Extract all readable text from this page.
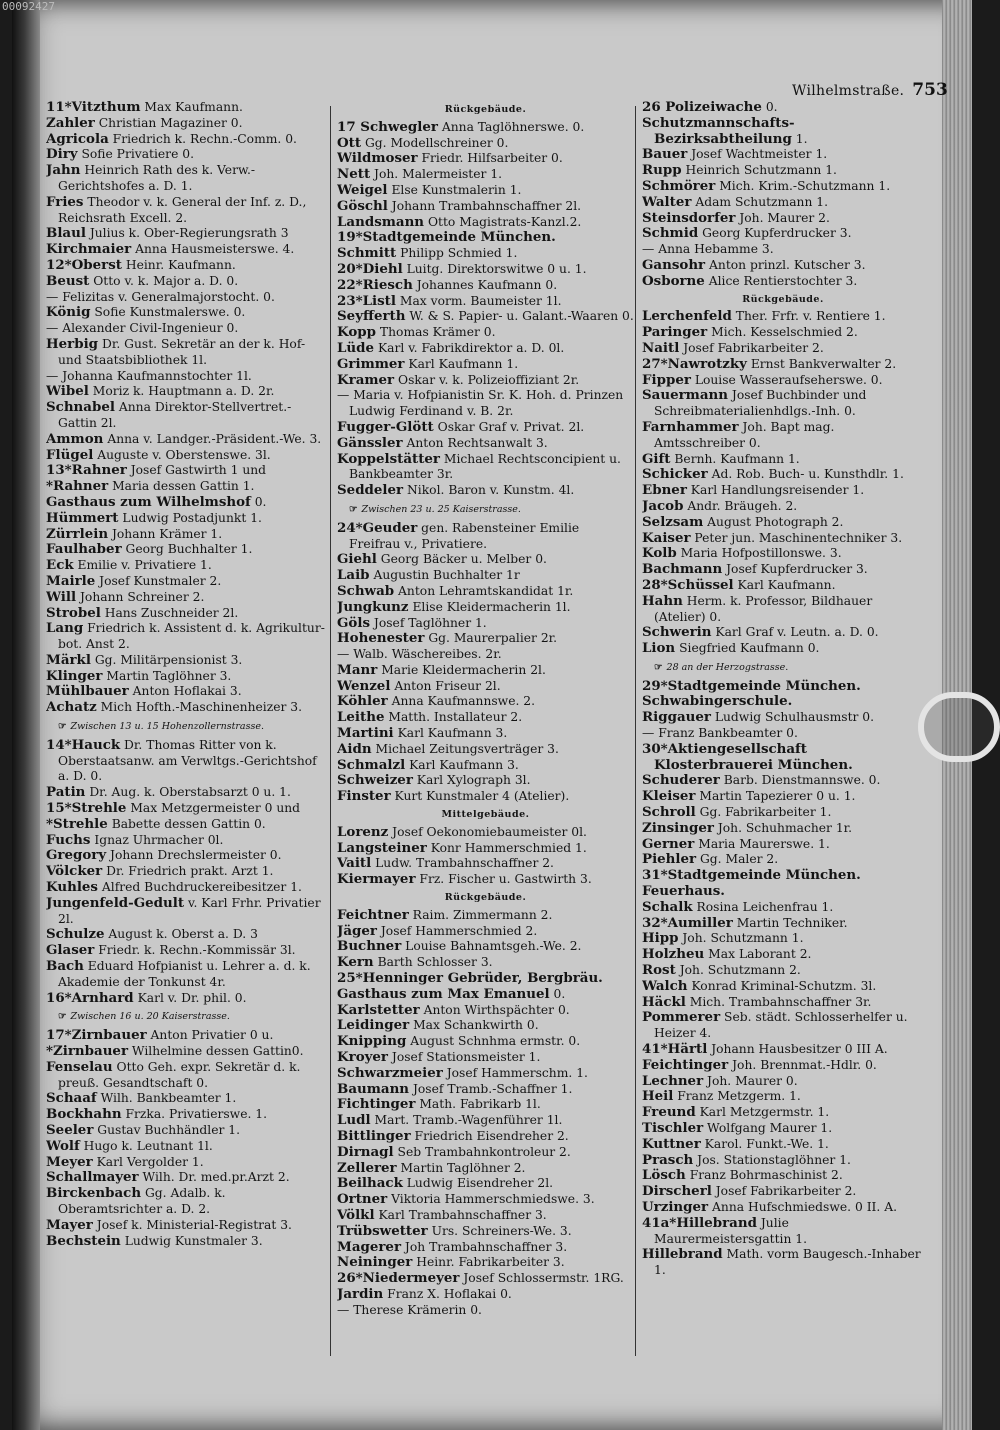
Wilhelmstraße. 753

11*Vitzthum Max Kaufmann.

Zahler Christian Magaziner 0.

Agricola Friedrich k. Rechn.-Comm. 0.

Diry Sofie Privatiere 0.

Jahn Heinrich Rath des k. Verw.-Gerichtshofes a. D. 1.

Fries Theodor v. k. General der Inf. z. D., Reichsrath Excell. 2.

Blaul Julius k. Ober-Regierungsrath 3

Kirchmaier Anna Hausmeisterswe. 4.

12*Oberst Heinr. Kaufmann.

Beust Otto v. k. Major a. D. 0.

— Felizitas v. Generalmajorstocht. 0.

König Sofie Kunstmalerswe. 0.

— Alexander Civil-Ingenieur 0.

Herbig Dr. Gust. Sekretär an der k. Hof- und Staatsbibliothek 1l.

— Johanna Kaufmannstochter 1l.

Wibel Moriz k. Hauptmann a. D. 2r.

Schnabel Anna Direktor-Stellvertret.-Gattin 2l.

Ammon Anna v. Landger.-Präsident.-We. 3.

Flügel Auguste v. Oberstenswe. 3l.

13*Rahner Josef Gastwirth 1 und

*Rahner Maria dessen Gattin 1.

Gasthaus zum Wilhelmshof 0.

Hümmert Ludwig Postadjunkt 1.

Zürrlein Johann Krämer 1.

Faulhaber Georg Buchhalter 1.

Eck Emilie v. Privatiere 1.

Mairle Josef Kunstmaler 2.

Will Johann Schreiner 2.

Strobel Hans Zuschneider 2l.

Lang Friedrich k. Assistent d. k. Agrikultur-bot. Anst 2.

Märkl Gg. Militärpensionist 3.

Klinger Martin Taglöhner 3.

Mühlbauer Anton Hoflakai 3.

Achatz Mich Hofth.-Maschinenheizer 3.

☞ Zwischen 13 u. 15 Hohenzollernstrasse.

14*Hauck Dr. Thomas Ritter von k. Oberstaatsanw. am Verwltgs.-Gerichtshof a. D. 0.

Patin Dr. Aug. k. Oberstabsarzt 0 u. 1.

15*Strehle Max Metzgermeister 0 und

*Strehle Babette dessen Gattin 0.

Fuchs Ignaz Uhrmacher 0l.

Gregory Johann Drechslermeister 0.

Völcker Dr. Friedrich prakt. Arzt 1.

Kuhles Alfred Buchdruckereibesitzer 1.

Jungenfeld-Gedult v. Karl Frhr. Privatier 2l.

Schulze August k. Oberst a. D. 3

Glaser Friedr. k. Rechn.-Kommissär 3l.

Bach Eduard Hofpianist u. Lehrer a. d. k. Akademie der Tonkunst 4r.

16*Arnhard Karl v. Dr. phil. 0.

☞ Zwischen 16 u. 20 Kaiserstrasse.

17*Zirnbauer Anton Privatier 0 u.

*Zirnbauer Wilhelmine dessen Gattin0.

Fenselau Otto Geh. expr. Sekretär d. k. preuß. Gesandtschaft 0.

Schaaf Wilh. Bankbeamter 1.

Bockhahn Frzka. Privatierswe. 1.

Seeler Gustav Buchhändler 1.

Wolf Hugo k. Leutnant 1l.

Meyer Karl Vergolder 1.

Schallmayer Wilh. Dr. med.pr.Arzt 2.

Birckenbach Gg. Adalb. k. Oberamtsrichter a. D. 2.

Mayer Josef k. Ministerial-Registrat 3.

Bechstein Ludwig Kunstmaler 3.

Rückgebäude.

17 Schwegler Anna Taglöhnerswe. 0.

Ott Gg. Modellschreiner 0.

Wildmoser Friedr. Hilfsarbeiter 0.

Nett Joh. Malermeister 1.

Weigel Else Kunstmalerin 1.

Göschl Johann Trambahnschaffner 2l.

Landsmann Otto Magistrats-Kanzl.2.

19*Stadtgemeinde München.

Schmitt Philipp Schmied 1.

20*Diehl Luitg. Direktorswitwe 0 u. 1.

22*Riesch Johannes Kaufmann 0.

23*Listl Max vorm. Baumeister 1l.

Seyfferth W. & S. Papier- u. Galant.-Waaren 0.

Kopp Thomas Krämer 0.

Lüde Karl v. Fabrikdirektor a. D. 0l.

Grimmer Karl Kaufmann 1.

Kramer Oskar v. k. Polizeioffiziant 2r.

— Maria v. Hofpianistin Sr. K. Hoh. d. Prinzen Ludwig Ferdinand v. B. 2r.

Fugger-Glött Oskar Graf v. Privat. 2l.

Gänssler Anton Rechtsanwalt 3.

Koppelstätter Michael Rechtsconcipient u. Bankbeamter 3r.

Seddeler Nikol. Baron v. Kunstm. 4l.

☞ Zwischen 23 u. 25 Kaiserstrasse.

24*Geuder gen. Rabensteiner Emilie Freifrau v., Privatiere.

Giehl Georg Bäcker u. Melber 0.

Laib Augustin Buchhalter 1r

Schwab Anton Lehramtskandidat 1r.

Jungkunz Elise Kleidermacherin 1l.

Göls Josef Taglöhner 1.

Hohenester Gg. Maurerpalier 2r.

— Walb. Wäschereibes. 2r.

Manr Marie Kleidermacherin 2l.

Wenzel Anton Friseur 2l.

Köhler Anna Kaufmannswe. 2.

Leithe Matth. Installateur 2.

Martini Karl Kaufmann 3.

Aidn Michael Zeitungsverträger 3.

Schmalzl Karl Kaufmann 3.

Schweizer Karl Xylograph 3l.

Finster Kurt Kunstmaler 4 (Atelier).

Mittelgebäude.

Lorenz Josef Oekonomiebaumeister 0l.

Langsteiner Konr Hammerschmied 1.

Vaitl Ludw. Trambahnschaffner 2.

Kiermayer Frz. Fischer u. Gastwirth 3.

Rückgebäude.

Feichtner Raim. Zimmermann 2.

Jäger Josef Hammerschmied 2.

Buchner Louise Bahnamtsgeh.-We. 2.

Kern Barth Schlosser 3.

25*Henninger Gebrüder, Bergbräu.

Gasthaus zum Max Emanuel 0.

Karlstetter Anton Wirthspächter 0.

Leidinger Max Schankwirth 0.

Knipping August Schnhma ermstr. 0.

Kroyer Josef Stationsmeister 1.

Schwarzmeier Josef Hammerschm. 1.

Baumann Josef Tramb.-Schaffner 1.

Fichtinger Math. Fabrikarb 1l.

Ludl Mart. Tramb.-Wagenführer 1l.

Bittlinger Friedrich Eisendreher 2.

Dirnagl Seb Trambahnkontroleur 2.

Zellerer Martin Taglöhner 2.

Beilhack Ludwig Eisendreher 2l.

Ortner Viktoria Hammerschmiedswe. 3.

Völkl Karl Trambahnschaffner 3.

Trübswetter Urs. Schreiners-We. 3.

Magerer Joh Trambahnschaffner 3.

Neininger Heinr. Fabrikarbeiter 3.

26*Niedermeyer Josef Schlossermstr. 1RG.

Jardin Franz X. Hoflakai 0.

— Therese Krämerin 0.

26 Polizeiwache 0.

Schutzmannschafts-Bezirksabtheilung 1.

Bauer Josef Wachtmeister 1.

Rupp Heinrich Schutzmann 1.

Schmörer Mich. Krim.-Schutzmann 1.

Walter Adam Schutzmann 1.

Steinsdorfer Joh. Maurer 2.

Schmid Georg Kupferdrucker 3.

— Anna Hebamme 3.

Gansohr Anton prinzl. Kutscher 3.

Osborne Alice Rentierstochter 3.

Rückgebäude.

Lerchenfeld Ther. Frfr. v. Rentiere 1.

Paringer Mich. Kesselschmied 2.

Naitl Josef Fabrikarbeiter 2.

27*Nawrotzky Ernst Bankverwalter 2.

Fipper Louise Wasseraufseherswe. 0.

Sauermann Josef Buchbinder und Schreibmaterialienhdlgs.-Inh. 0.

Farnhammer Joh. Bapt mag. Amtsschreiber 0.

Gift Bernh. Kaufmann 1.

Schicker Ad. Rob. Buch- u. Kunsthdlr. 1.

Ebner Karl Handlungsreisender 1.

Jacob Andr. Bräugeh. 2.

Selzsam August Photograph 2.

Kaiser Peter jun. Maschinentechniker 3.

Kolb Maria Hofpostillonswe. 3.

Bachmann Josef Kupferdrucker 3.

28*Schüssel Karl Kaufmann.

Hahn Herm. k. Professor, Bildhauer (Atelier) 0.

Schwerin Karl Graf v. Leutn. a. D. 0.

Lion Siegfried Kaufmann 0.

☞ 28 an der Herzogstrasse.

29*Stadtgemeinde München.

Schwabingerschule.

Riggauer Ludwig Schulhausmstr 0.

— Franz Bankbeamter 0.

30*Aktiengesellschaft Klosterbrauerei München.

Schuderer Barb. Dienstmannswe. 0.

Kleiser Martin Tapezierer 0 u. 1.

Schroll Gg. Fabrikarbeiter 1.

Zinsinger Joh. Schuhmacher 1r.

Gerner Maria Maurerswe. 1.

Piehler Gg. Maler 2.

31*Stadtgemeinde München.

Feuerhaus.

Schalk Rosina Leichenfrau 1.

32*Aumiller Martin Techniker.

Hipp Joh. Schutzmann 1.

Holzheu Max Laborant 2.

Rost Joh. Schutzmann 2.

Walch Konrad Kriminal-Schutzm. 3l.

Häckl Mich. Trambahnschaffner 3r.

Pommerer Seb. städt. Schlosserhelfer u. Heizer 4.

41*Härtl Johann Hausbesitzer 0 III A.

Feichtinger Joh. Brennmat.-Hdlr. 0.

Lechner Joh. Maurer 0.

Heil Franz Metzgerm. 1.

Freund Karl Metzgermstr. 1.

Tischler Wolfgang Maurer 1.

Kuttner Karol. Funkt.-We. 1.

Prasch Jos. Stationstaglöhner 1.

Lösch Franz Bohrmaschinist 2.

Dirscherl Josef Fabrikarbeiter 2.

Urzinger Anna Hufschmiedswe. 0 II. A.

41a*Hillebrand Julie Maurermeistersgattin 1.

Hillebrand Math. vorm Baugesch.-Inhaber 1.

00092427
